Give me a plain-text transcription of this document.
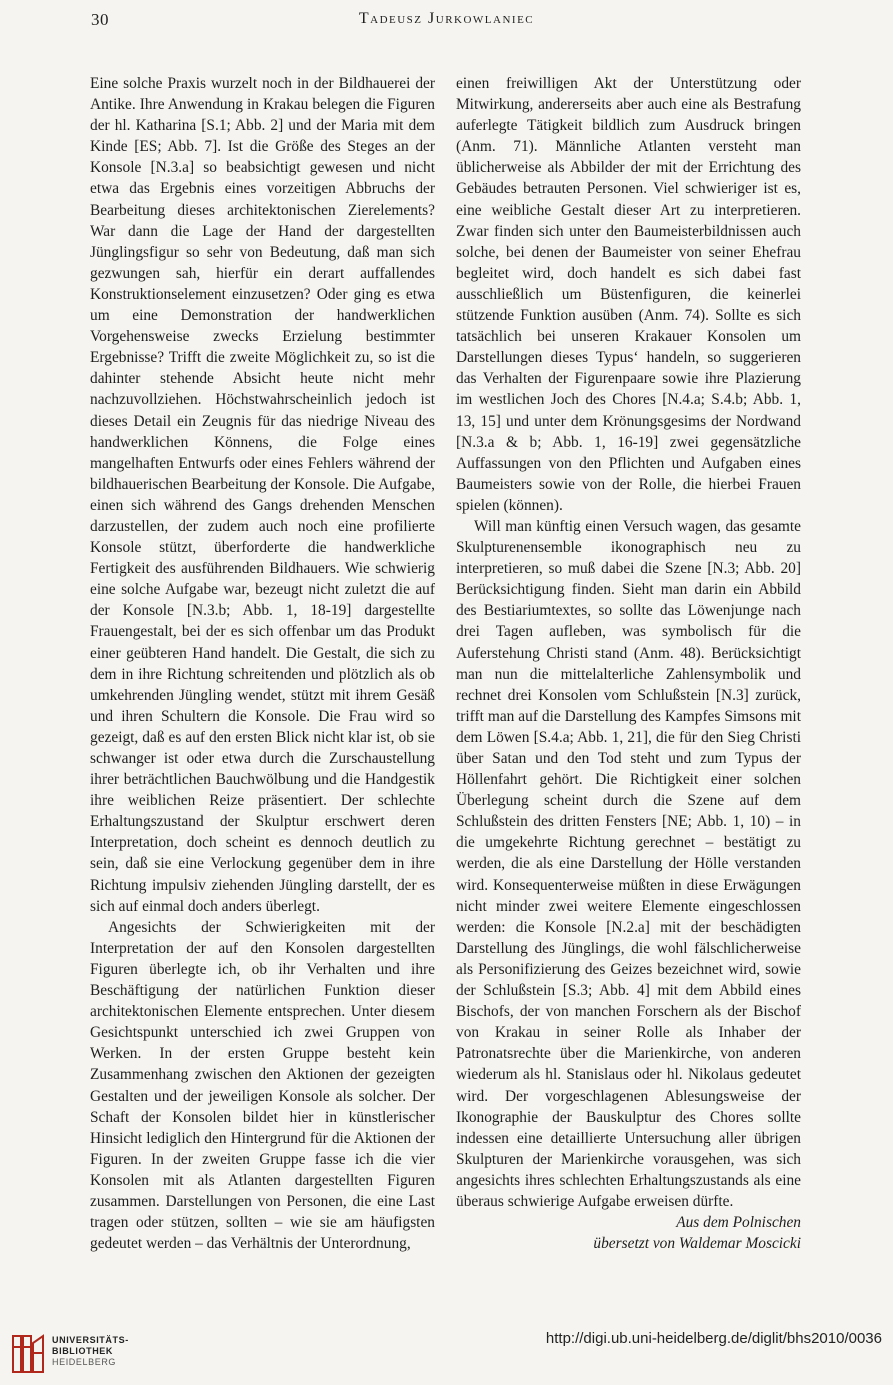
30	Tadeusz Jurkowlaniec

Eine solche Praxis wurzelt noch in der Bildhauerei der Antike. Ihre Anwendung in Krakau belegen die Figuren der hl. Katharina [S.1; Abb. 2] und der Maria mit dem Kinde [ES; Abb. 7]. Ist die Größe des Steges an der Konsole [N.3.a] so beabsichtigt gewesen und nicht etwa das Ergebnis eines vorzeitigen Abbruchs der Bearbeitung dieses architektonischen Zierelements? War dann die Lage der Hand der dargestellten Jünglingsfigur so sehr von Bedeutung, daß man sich gezwungen sah, hierfür ein derart auffallendes Konstruktionselement einzusetzen? Oder ging es etwa um eine Demonstration der handwerklichen Vorgehensweise zwecks Erzielung bestimmter Ergebnisse? Trifft die zweite Möglichkeit zu, so ist die dahinter stehende Absicht heute nicht mehr nachzuvollziehen. Höchstwahrscheinlich jedoch ist dieses Detail ein Zeugnis für das niedrige Niveau des handwerklichen Könnens, die Folge eines mangelhaften Entwurfs oder eines Fehlers während der bildhauerischen Bearbeitung der Konsole. Die Aufgabe, einen sich während des Gangs drehenden Menschen darzustellen, der zudem auch noch eine profilierte Konsole stützt, überforderte die handwerkliche Fertigkeit des ausführenden Bildhauers. Wie schwierig eine solche Aufgabe war, bezeugt nicht zuletzt die auf der Konsole [N.3.b; Abb. 1, 18-19] dargestellte Frauengestalt, bei der es sich offenbar um das Produkt einer geübteren Hand handelt. Die Gestalt, die sich zu dem in ihre Richtung schreitenden und plötzlich als ob umkehrenden Jüngling wendet, stützt mit ihrem Gesäß und ihren Schultern die Konsole. Die Frau wird so gezeigt, daß es auf den ersten Blick nicht klar ist, ob sie schwanger ist oder etwa durch die Zurschaustellung ihrer beträchtlichen Bauchwölbung und die Handgestik ihre weiblichen Reize präsentiert. Der schlechte Erhaltungszustand der Skulptur erschwert deren Interpretation, doch scheint es dennoch deutlich zu sein, daß sie eine Verlockung gegenüber dem in ihre Richtung impulsiv ziehenden Jüngling darstellt, der es sich auf einmal doch anders überlegt.

Angesichts der Schwierigkeiten mit der Interpretation der auf den Konsolen dargestellten Figuren überlegte ich, ob ihr Verhalten und ihre Beschäftigung der natürlichen Funktion dieser architektonischen Elemente entsprechen. Unter diesem Gesichtspunkt unterschied ich zwei Gruppen von Werken. In der ersten Gruppe besteht kein Zusammenhang zwischen den Aktionen der gezeigten Gestalten und der jeweiligen Konsole als solcher. Der Schaft der Konsolen bildet hier in künstlerischer Hinsicht lediglich den Hintergrund für die Aktionen der Figuren. In der zweiten Gruppe fasse ich die vier Konsolen mit als Atlanten dargestellten Figuren zusammen. Darstellungen von Personen, die eine Last tragen oder stützen, sollten – wie sie am häufigsten gedeutet werden – das Verhältnis der Unterordnung,

einen freiwilligen Akt der Unterstützung oder Mitwirkung, andererseits aber auch eine als Bestrafung auferlegte Tätigkeit bildlich zum Ausdruck bringen (Anm. 71). Männliche Atlanten versteht man üblicherweise als Abbilder der mit der Errichtung des Gebäudes betrauten Personen. Viel schwieriger ist es, eine weibliche Gestalt dieser Art zu interpretieren. Zwar finden sich unter den Baumeisterbildnissen auch solche, bei denen der Baumeister von seiner Ehefrau begleitet wird, doch handelt es sich dabei fast ausschließlich um Büstenfiguren, die keinerlei stützende Funktion ausüben (Anm. 74). Sollte es sich tatsächlich bei unseren Krakauer Konsolen um Darstellungen dieses Typus‘ handeln, so suggerieren das Verhalten der Figurenpaare sowie ihre Plazierung im westlichen Joch des Chores [N.4.a; S.4.b; Abb. 1, 13, 15] und unter dem Krönungsgesims der Nordwand [N.3.a & b; Abb. 1, 16-19] zwei gegensätzliche Auffassungen von den Pflichten und Aufgaben eines Baumeisters sowie von der Rolle, die hierbei Frauen spielen (können).

Will man künftig einen Versuch wagen, das gesamte Skulpturenensemble ikonographisch neu zu interpretieren, so muß dabei die Szene [N.3; Abb. 20] Berücksichtigung finden. Sieht man darin ein Abbild des Bestiariumtextes, so sollte das Löwenjunge nach drei Tagen aufleben, was symbolisch für die Auferstehung Christi stand (Anm. 48). Berücksichtigt man nun die mittelalterliche Zahlensymbolik und rechnet drei Konsolen vom Schlußstein [N.3] zurück, trifft man auf die Darstellung des Kampfes Simsons mit dem Löwen [S.4.a; Abb. 1, 21], die für den Sieg Christi über Satan und den Tod steht und zum Typus der Höllenfahrt gehört. Die Richtigkeit einer solchen Überlegung scheint durch die Szene auf dem Schlußstein des dritten Fensters [NE; Abb. 1, 10) – in die umgekehrte Richtung gerechnet – bestätigt zu werden, die als eine Darstellung der Hölle verstanden wird. Konsequenterweise müßten in diese Erwägungen nicht minder zwei weitere Elemente eingeschlossen werden: die Konsole [N.2.a] mit der beschädigten Darstellung des Jünglings, die wohl fälschlicherweise als Personifizierung des Geizes bezeichnet wird, sowie der Schlußstein [S.3; Abb. 4] mit dem Abbild eines Bischofs, der von manchen Forschern als der Bischof von Krakau in seiner Rolle als Inhaber der Patronatsrechte über die Marienkirche, von anderen wiederum als hl. Stanislaus oder hl. Nikolaus gedeutet wird. Der vorgeschlagenen Ablesungsweise der Ikonographie der Bauskulptur des Chores sollte indessen eine detaillierte Untersuchung aller übrigen Skulpturen der Marienkirche vorausgehen, was sich angesichts ihres schlechten Erhaltungszustands als eine überaus schwierige Aufgabe erweisen dürfte.

Aus dem Polnischen

übersetzt von Waldemar Moscicki

UNIVERSITÄTS-
BIBLIOTHEK
HEIDELBERG
http://digi.ub.uni-heidelberg.de/diglit/bhs2010/0036
